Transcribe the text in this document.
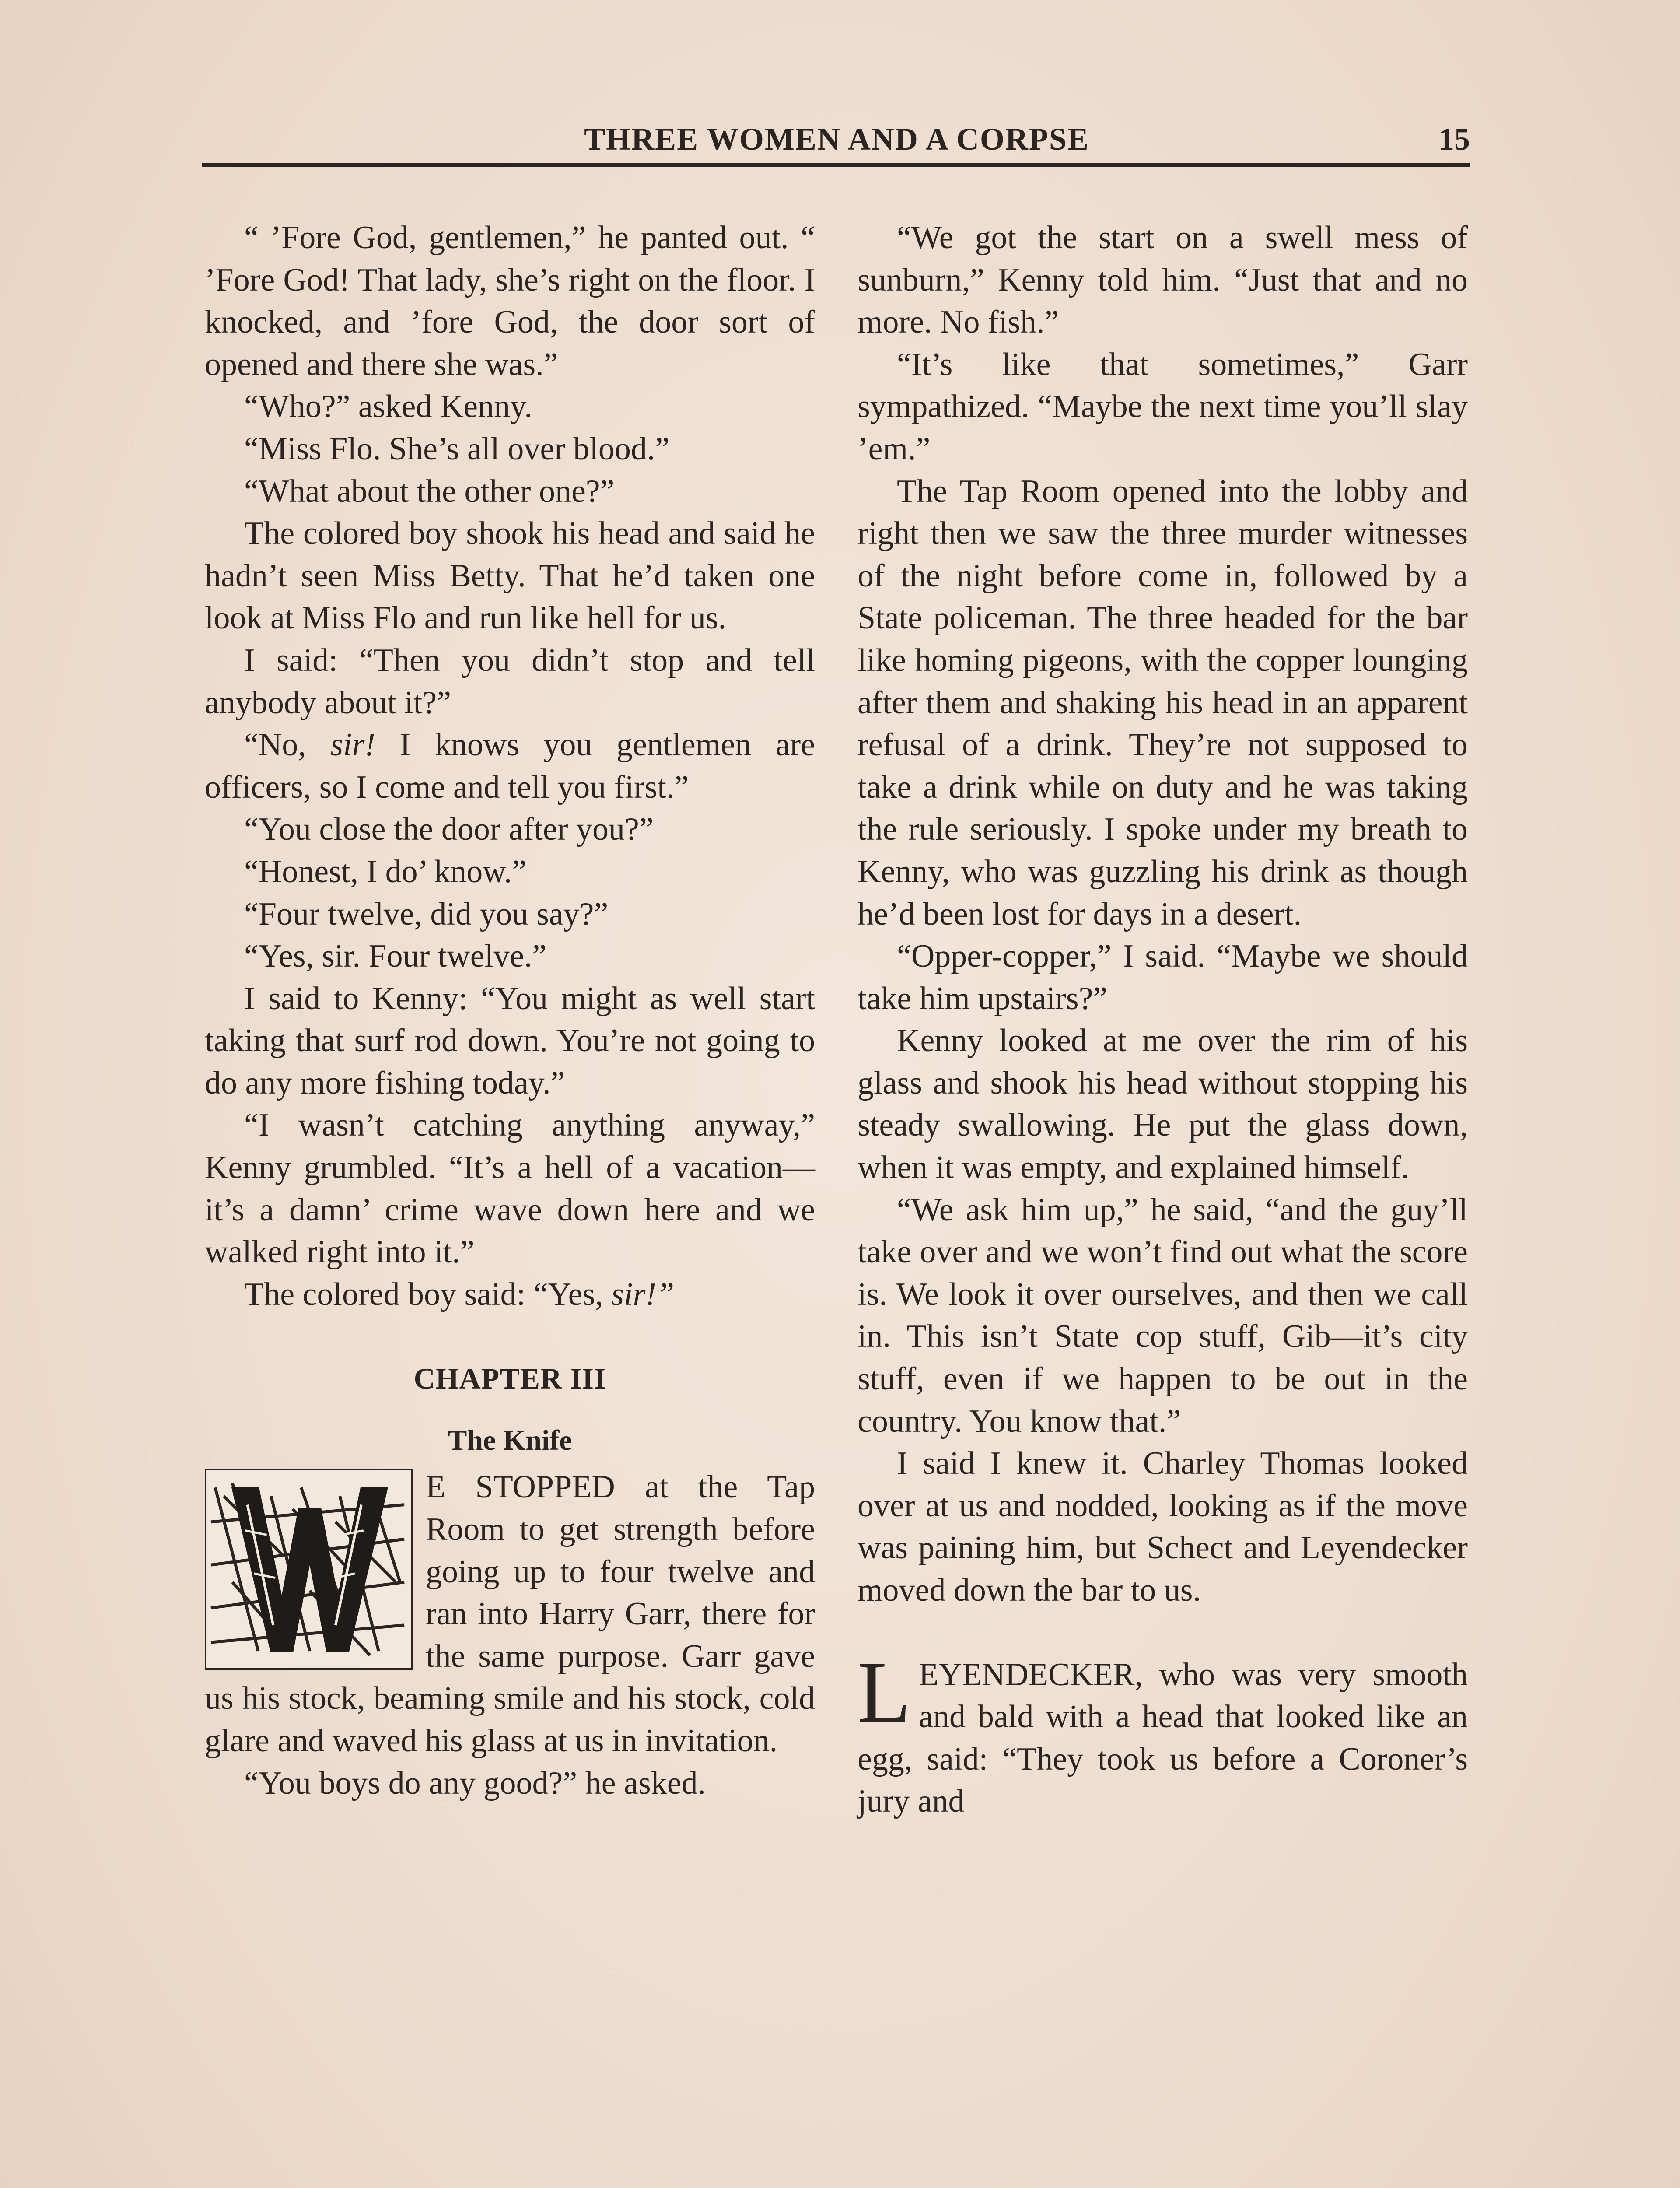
THREE WOMEN AND A CORPSE	15

“ ’Fore God, gentlemen,” he panted out. “ ’Fore God! That lady, she’s right on the floor. I knocked, and ’fore God, the door sort of opened and there she was.”

“Who?” asked Kenny.

“Miss Flo. She’s all over blood.”

“What about the other one?”

The colored boy shook his head and said he hadn’t seen Miss Betty. That he’d taken one look at Miss Flo and run like hell for us.

I said: “Then you didn’t stop and tell anybody about it?”

“No, sir! I knows you gentlemen are officers, so I come and tell you first.”

“You close the door after you?”

“Honest, I do’ know.”

“Four twelve, did you say?”

“Yes, sir. Four twelve.”

I said to Kenny: “You might as well start taking that surf rod down. You’re not going to do any more fishing today.”

“I wasn’t catching anything anyway,” Kenny grumbled. “It’s a hell of a vacation—it’s a damn’ crime wave down here and we walked right into it.”

The colored boy said: “Yes, sir!”

CHAPTER III
The Knife

E STOPPED at the Tap Room to get strength before going up to four twelve and ran into Harry Garr, there for the same purpose. Garr gave us his stock, beaming smile and his stock, cold glare and waved his glass at us in invitation.

“You boys do any good?” he asked.

“We got the start on a swell mess of sunburn,” Kenny told him. “Just that and no more. No fish.”

“It’s like that sometimes,” Garr sympathized. “Maybe the next time you’ll slay ’em.”

The Tap Room opened into the lobby and right then we saw the three murder witnesses of the night before come in, followed by a State policeman. The three headed for the bar like homing pigeons, with the copper lounging after them and shaking his head in an apparent refusal of a drink. They’re not supposed to take a drink while on duty and he was taking the rule seriously. I spoke under my breath to Kenny, who was guzzling his drink as though he’d been lost for days in a desert.

“Opper-copper,” I said. “Maybe we should take him upstairs?”

Kenny looked at me over the rim of his glass and shook his head without stopping his steady swallowing. He put the glass down, when it was empty, and explained himself.

“We ask him up,” he said, “and the guy’ll take over and we won’t find out what the score is. We look it over ourselves, and then we call in. This isn’t State cop stuff, Gib—it’s city stuff, even if we happen to be out in the country. You know that.”

I said I knew it. Charley Thomas looked over at us and nodded, looking as if the move was paining him, but Schect and Leyendecker moved down the bar to us.

LEYENDECKER, who was very smooth and bald with a head that looked like an egg, said: “They took us before a Coroner’s jury and
